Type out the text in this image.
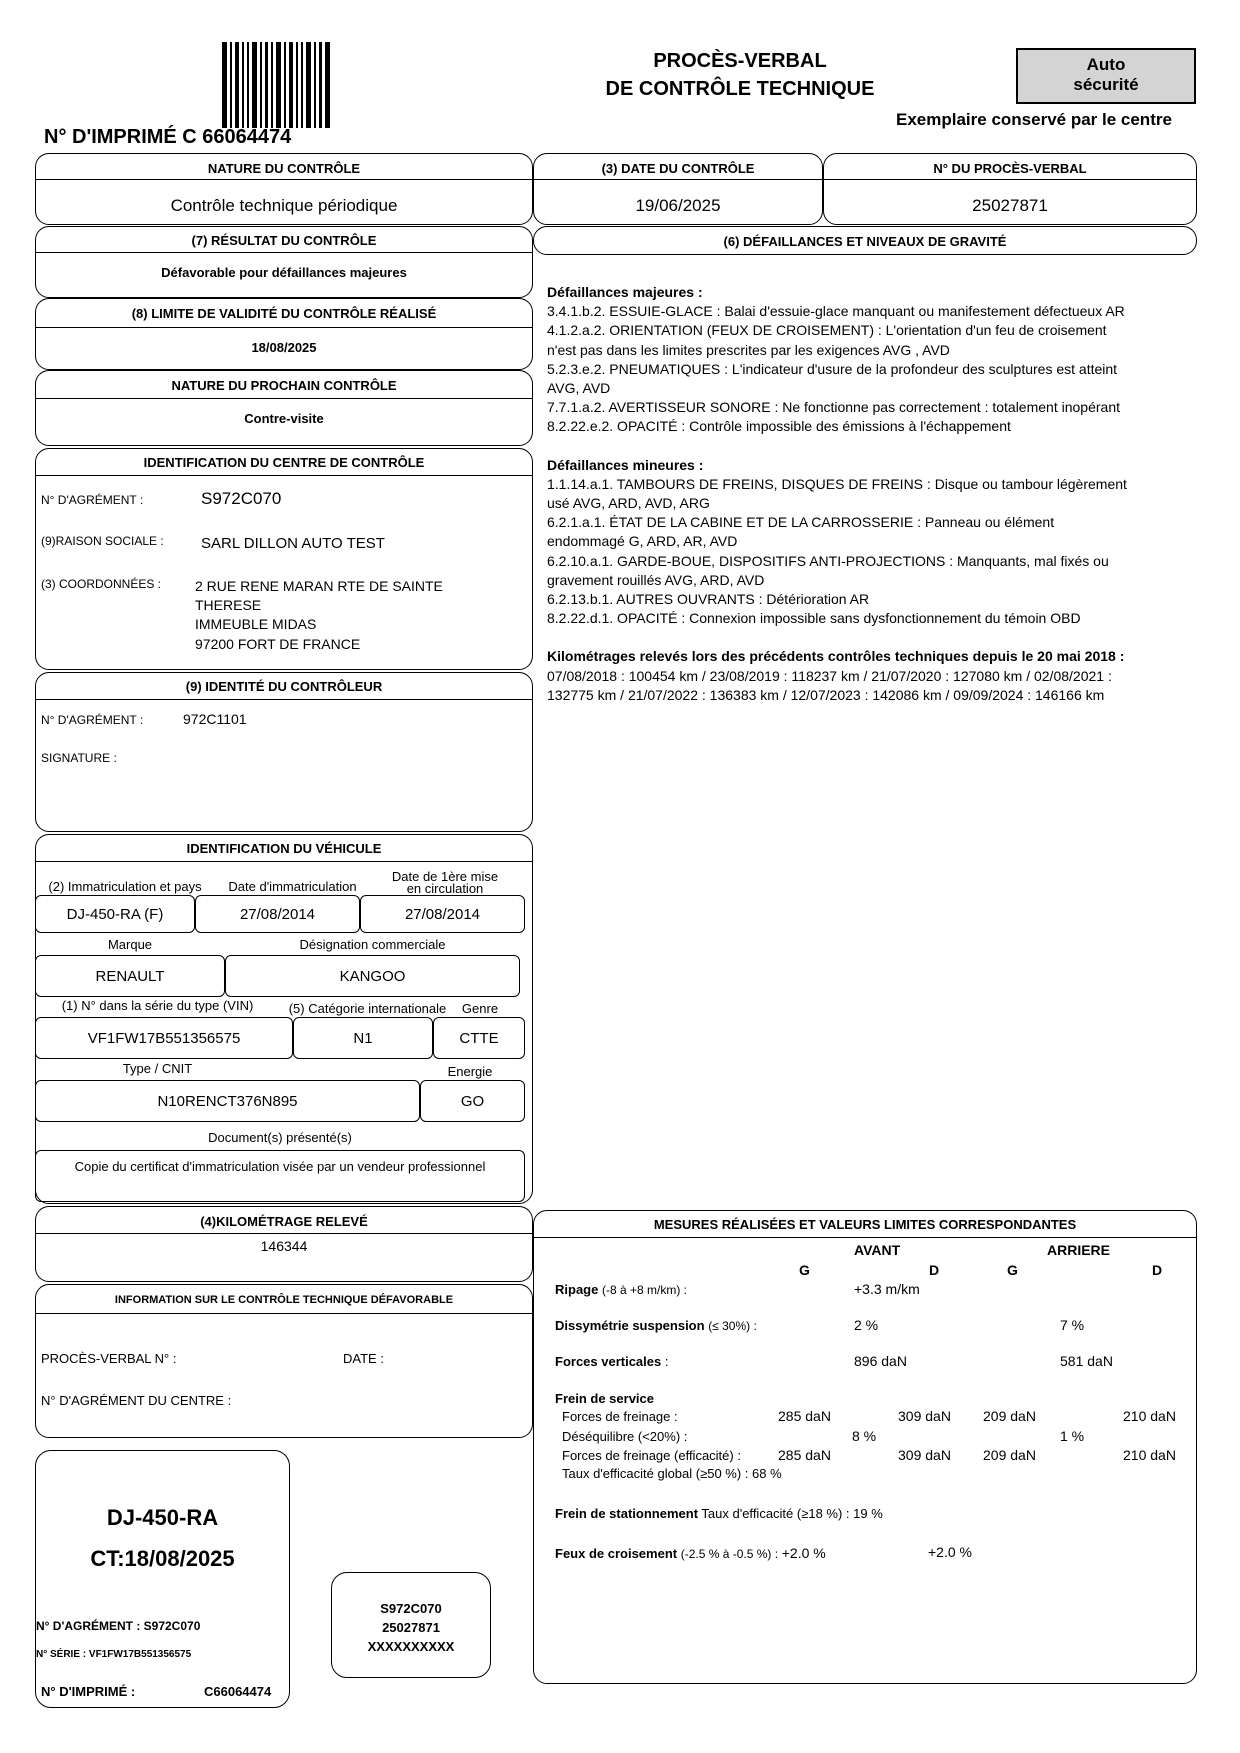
N° D'IMPRIMÉ C 66064474
PROCÈS-VERBAL
DE CONTRÔLE TECHNIQUE
Auto
sécurité
Exemplaire conservé par le centre
NATURE DU CONTRÔLE
Contrôle technique périodique
(3) DATE DU CONTRÔLE
19/06/2025
N° DU PROCÈS-VERBAL
25027871
(7) RÉSULTAT DU CONTRÔLE
Défavorable pour défaillances majeures
(8) LIMITE DE VALIDITÉ DU CONTRÔLE RÉALISÉ
18/08/2025
NATURE DU PROCHAIN CONTRÔLE
Contre-visite
IDENTIFICATION DU CENTRE DE CONTRÔLE
N° D'AGRÉMENT :	S972C070
(9)RAISON SOCIALE : SARL DILLON AUTO TEST
(3) COORDONNÉES : 2 RUE RENE MARAN RTE DE SAINTE
THERESE
IMMEUBLE MIDAS
97200 FORT DE FRANCE
(9) IDENTITÉ DU CONTRÔLEUR
N° D'AGRÉMENT :	972C1101
SIGNATURE :
IDENTIFICATION DU VÉHICULE
(2) Immatriculation et pays	Date d'immatriculation
Date de 1ère mise
en circulation
DJ-450-RA (F)	27/08/2014	27/08/2014
Marque	Désignation commerciale
RENAULT	KANGOO
(1) N° dans la série du type (VIN)	(5) Catégorie internationale	Genre
VF1FW17B551356575	N1	CTTE
Type / CNIT	Energie
N10RENCT376N895	GO
Document(s) présenté(s)
Copie du certificat d'immatriculation visée par un vendeur professionnel
(4)KILOMÉTRAGE RELEVÉ
146344
INFORMATION SUR LE CONTRÔLE TECHNIQUE DÉFAVORABLE
PROCÈS-VERBAL N° :	DATE :
N° D'AGRÉMENT DU CENTRE :
DJ-450-RA
CT:18/08/2025
N° D'AGRÉMENT : S972C070
N° SÉRIE : VF1FW17B551356575
N° D'IMPRIMÉ :	C66064474
S972C070
25027871
XXXXXXXXXX
(6) DÉFAILLANCES ET NIVEAUX DE GRAVITÉ

Défaillances majeures :

3.4.1.b.2. ESSUIE-GLACE : Balai d'essuie-glace manquant ou manifestement défectueux AR

4.1.2.a.2. ORIENTATION (FEUX DE CROISEMENT) : L'orientation d'un feu de croisement n'est pas dans les limites prescrites par les exigences AVG , AVD

5.2.3.e.2. PNEUMATIQUES : L'indicateur d'usure de la profondeur des sculptures est atteint AVG, AVD

7.7.1.a.2. AVERTISSEUR SONORE : Ne fonctionne pas correctement : totalement inopérant

8.2.22.e.2. OPACITÉ : Contrôle impossible des émissions à l'échappement

Défaillances mineures :

1.1.14.a.1. TAMBOURS DE FREINS, DISQUES DE FREINS : Disque ou tambour légèrement usé AVG, ARD, AVD, ARG

6.2.1.a.1. ÉTAT DE LA CABINE ET DE LA CARROSSERIE : Panneau ou élément endommagé G, ARD, AR, AVD

6.2.10.a.1. GARDE-BOUE, DISPOSITIFS ANTI-PROJECTIONS : Manquants, mal fixés ou gravement rouillés AVG, ARD, AVD

6.2.13.b.1. AUTRES OUVRANTS : Détérioration AR

8.2.22.d.1. OPACITÉ : Connexion impossible sans dysfonctionnement du témoin OBD

Kilométrages relevés lors des précédents contrôles techniques depuis le 20 mai 2018 : 07/08/2018 : 100454 km / 23/08/2019 : 118237 km / 21/07/2020 : 127080 km / 02/08/2021 : 132775 km / 21/07/2022 : 136383 km / 12/07/2023 : 142086 km / 09/09/2024 : 146166 km

MESURES RÉALISÉES ET VALEURS LIMITES CORRESPONDANTES
AVANT	ARRIERE
G	D	G	D
Ripage (-8 à +8 m/km) :	+3.3 m/km
Dissymétrie suspension (≤ 30%) :	2 %	7 %
Forces verticales :	896 daN	581 daN
Frein de service
Forces de freinage :	285 daN	309 daN 209 daN	210 daN
Déséquilibre (<20%) :	8 %	1 %
Forces de freinage (efficacité) :	285 daN	309 daN 209 daN	210 daN
Taux d'efficacité global (≥50 %) : 68 %
Frein de stationnement Taux d'efficacité (≥18 %) : 19 %
Feux de croisement (-2.5 % à -0.5 %) : +2.0 %	+2.0 %
